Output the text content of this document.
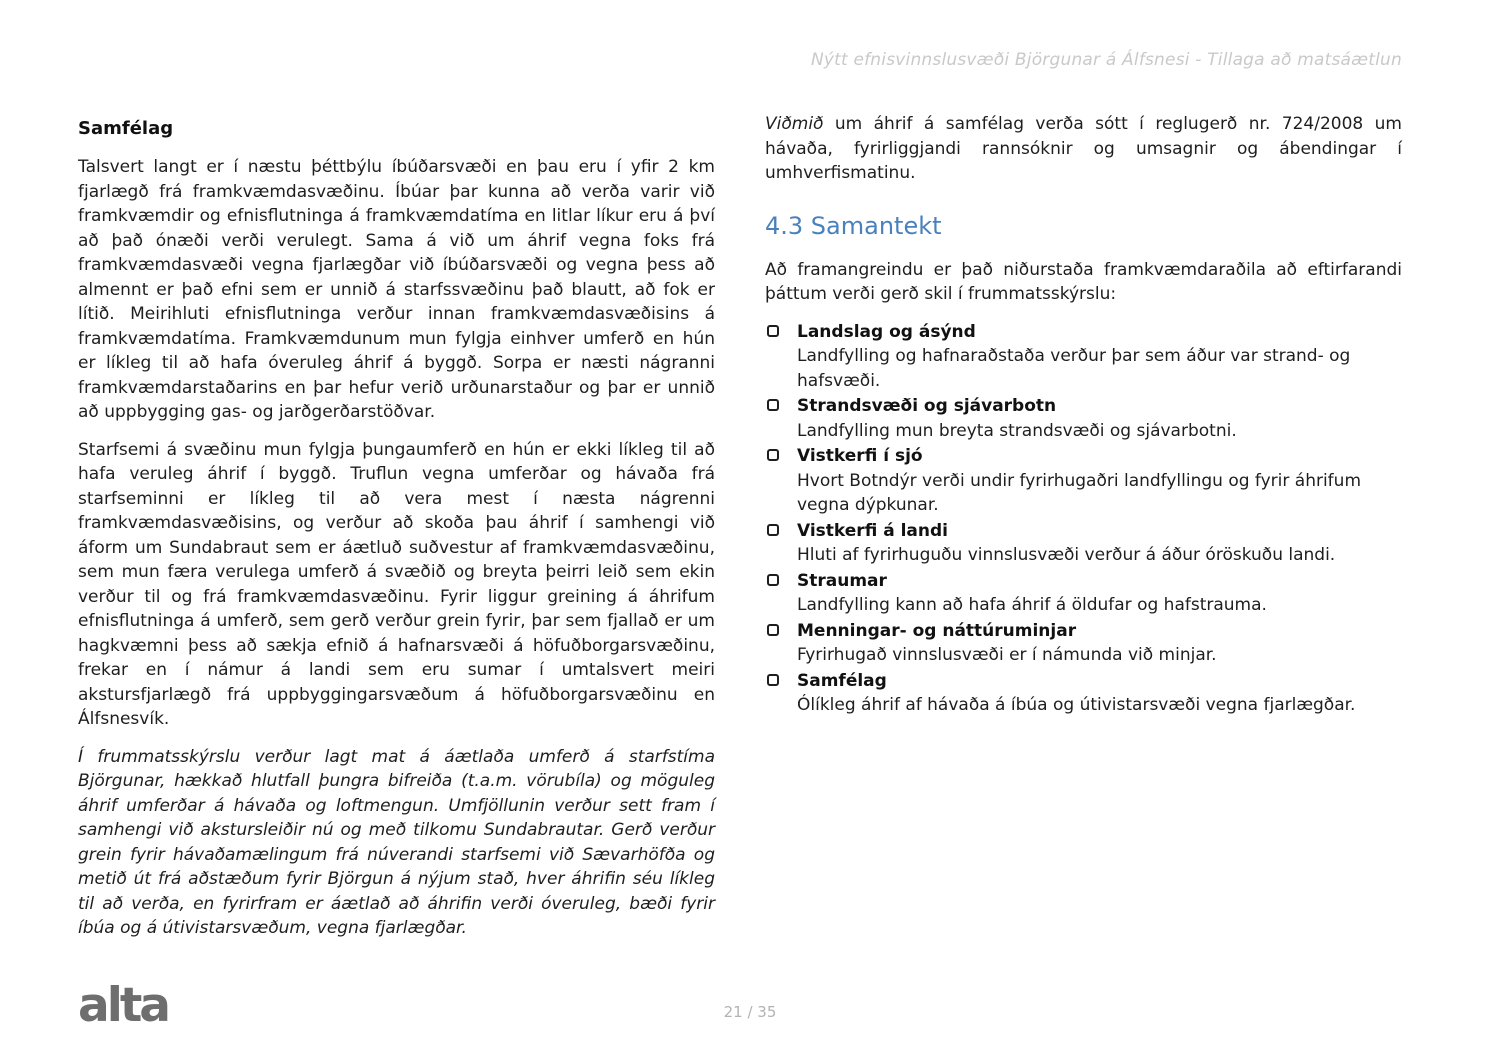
Nýtt efnisvinnslusvæði Björgunar á Álfsnesi - Tillaga að matsáætlun
Samfélag

Talsvert langt er í næstu þéttbýlu íbúðarsvæði en þau eru í yfir 2 km fjarlægð frá framkvæmdasvæðinu. Íbúar þar kunna að verða varir við framkvæmdir og efnisflutninga á framkvæmdatíma en litlar líkur eru á því að það ónæði verði verulegt. Sama á við um áhrif vegna foks frá framkvæmdasvæði vegna fjarlægðar við íbúðarsvæði og vegna þess að almennt er það efni sem er unnið á starfssvæðinu það blautt, að fok er lítið. Meirihluti efnisflutninga verður innan framkvæmdasvæðisins á framkvæmdatíma. Framkvæmdunum mun fylgja einhver umferð en hún er líkleg til að hafa óveruleg áhrif á byggð. Sorpa er næsti nágranni framkvæmdarstaðarins en þar hefur verið urðunarstaður og þar er unnið að uppbygging gas- og jarðgerðarstöðvar.

Starfsemi á svæðinu mun fylgja þungaumferð en hún er ekki líkleg til að hafa veruleg áhrif í byggð. Truflun vegna umferðar og hávaða frá starfseminni er líkleg til að vera mest í næsta nágrenni framkvæmdasvæðisins, og verður að skoða þau áhrif í samhengi við áform um Sundabraut sem er áætluð suðvestur af framkvæmdasvæðinu, sem mun færa verulega umferð á svæðið og breyta þeirri leið sem ekin verður til og frá framkvæmdasvæðinu. Fyrir liggur greining á áhrifum efnisflutninga á umferð, sem gerð verður grein fyrir, þar sem fjallað er um hagkvæmni þess að sækja efnið á hafnarsvæði á höfuðborgarsvæðinu, frekar en í námur á landi sem eru sumar í umtalsvert meiri akstursfjarlægð frá uppbyggingarsvæðum á höfuðborgarsvæðinu en Álfsnesvík.

Í frummatsskýrslu verður lagt mat á áætlaða umferð á starfstíma Björgunar, hækkað hlutfall þungra bifreiða (t.a.m. vörubíla) og möguleg áhrif umferðar á hávaða og loftmengun. Umfjöllunin verður sett fram í samhengi við akstursleiðir nú og með tilkomu Sundabrautar. Gerð verður grein fyrir hávaðamælingum frá núverandi starfsemi við Sævarhöfða og metið út frá aðstæðum fyrir Björgun á nýjum stað, hver áhrifin séu líkleg til að verða, en fyrirfram er áætlað að áhrifin verði óveruleg, bæði fyrir íbúa og á útivistarsvæðum, vegna fjarlægðar.

Viðmið um áhrif á samfélag verða sótt í reglugerð nr. 724/2008 um hávaða, fyrirliggjandi rannsóknir og umsagnir og ábendingar í umhverfismatinu.

4.3 Samantekt

Að framangreindu er það niðurstaða framkvæmdaraðila að eftirfarandi þáttum verði gerð skil í frummatsskýrslu:

Landslag og ásýnd
Landfylling og hafnaraðstaða verður þar sem áður var strand- og hafsvæði.
Strandsvæði og sjávarbotn
Landfylling mun breyta strandsvæði og sjávarbotni.
Vistkerfi í sjó
Hvort Botndýr verði undir fyrirhugaðri landfyllingu og fyrir áhrifum vegna dýpkunar.
Vistkerfi á landi
Hluti af fyrirhuguðu vinnslusvæði verður á áður óröskuðu landi.
Straumar
Landfylling kann að hafa áhrif á öldufar og hafstrauma.
Menningar- og náttúruminjar
Fyrirhugað vinnslusvæði er í námunda við minjar.
Samfélag
Ólíkleg áhrif af hávaða á íbúa og útivistarsvæði vegna fjarlægðar.
alta	21 / 35
